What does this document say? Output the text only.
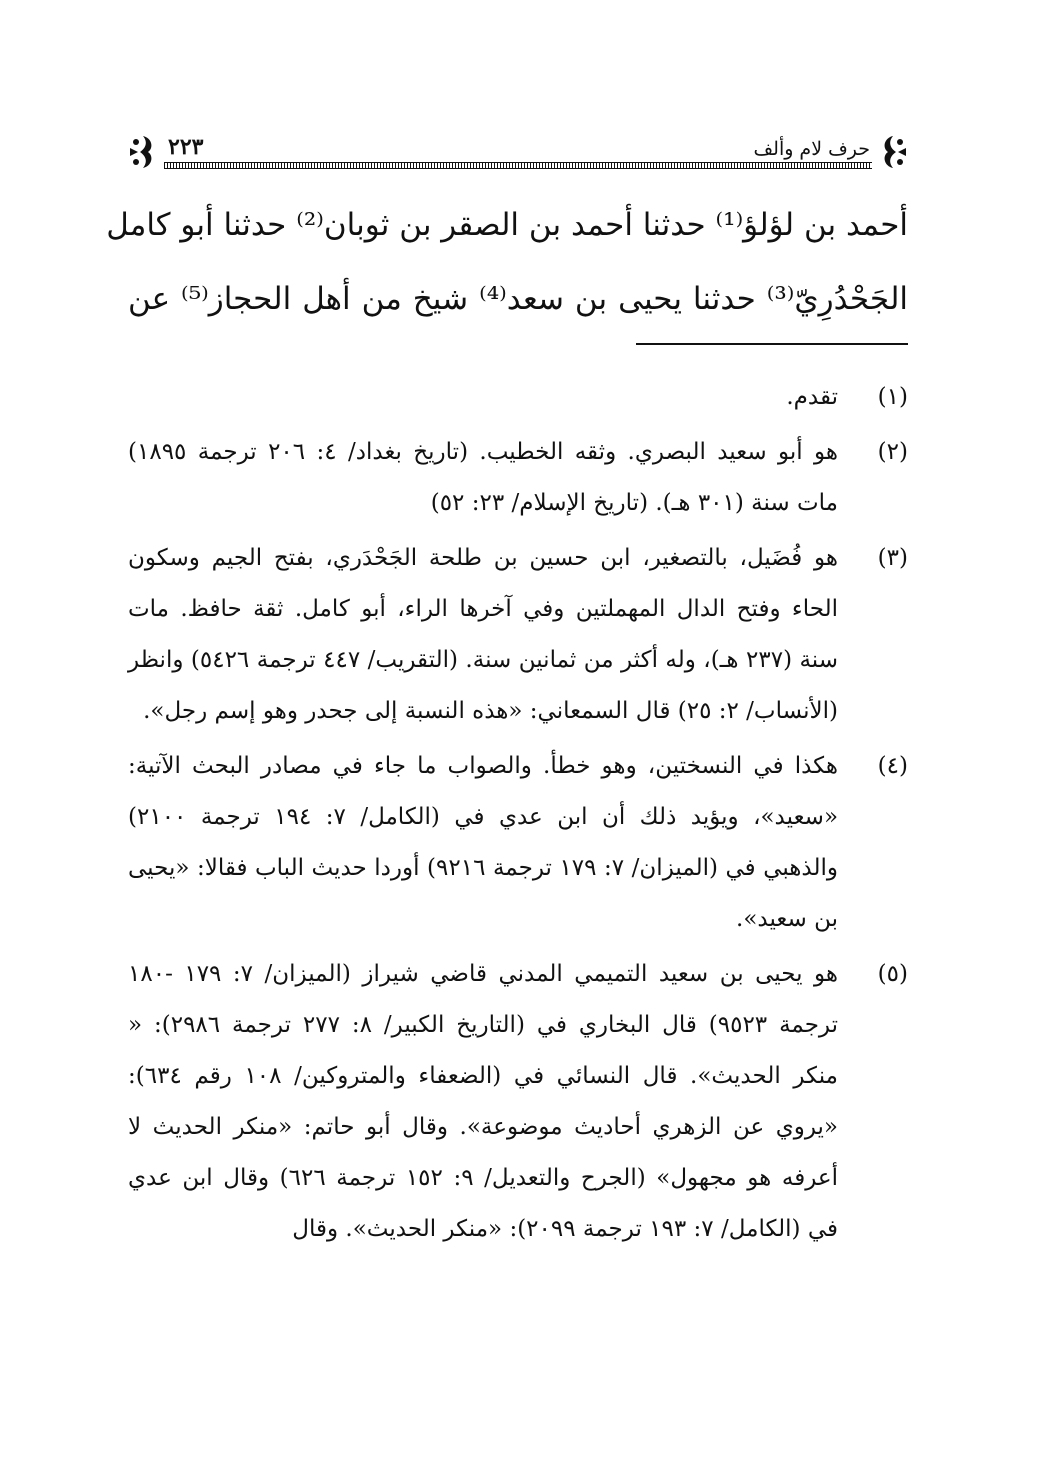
حرف لام وألف
٢٢٣
أحمد بن لؤلؤ⁽¹⁾ حدثنا أحمد بن الصقر بن ثوبان⁽²⁾ حدثنا أبو كامل
الجَحْدُرِيّ⁽³⁾ حدثنا يحيى بن سعد⁽⁴⁾ شيخ من أهل الحجاز⁽⁵⁾ عن
(١)
تقدم.
(٢)
هو أبو سعيد البصري. وثقه الخطيب. (تاريخ بغداد/ ٤: ٢٠٦ ترجمة ١٨٩٥) مات سنة (٣٠١ هـ). (تاريخ الإسلام/ ٢٣: ٥٢)
(٣)
هو فُضَيل، بالتصغير، ابن حسين بن طلحة الجَحْدَري، بفتح الجيم وسكون الحاء وفتح الدال المهملتين وفي آخرها الراء، أبو كامل. ثقة حافظ. مات سنة (٢٣٧ هـ)، وله أكثر من ثمانين سنة. (التقريب/ ٤٤٧ ترجمة ٥٤٢٦) وانظر (الأنساب/ ٢: ٢٥) قال السمعاني: «هذه النسبة إلى جحدر وهو إسم رجل».
(٤)
هكذا في النسختين، وهو خطأ. والصواب ما جاء في مصادر البحث الآتية: «سعيد»، ويؤيد ذلك أن ابن عدي في (الكامل/ ٧: ١٩٤ ترجمة ٢١٠٠) والذهبي في (الميزان/ ٧: ١٧٩ ترجمة ٩٢١٦) أوردا حديث الباب فقالا: «يحيى بن سعيد».
(٥)
هو يحيى بن سعيد التميمي المدني قاضي شيراز (الميزان/ ٧: ١٧٩ -١٨٠ ترجمة ٩٥٢٣) قال البخاري في (التاريخ الكبير/ ٨: ٢٧٧ ترجمة ٢٩٨٦): « منكر الحديث». قال النسائي في (الضعفاء والمتروكين/ ١٠٨ رقم ٦٣٤): «يروي عن الزهري أحاديث موضوعة». وقال أبو حاتم: «منكر الحديث لا أعرفه هو مجهول» (الجرح والتعديل/ ٩: ١٥٢ ترجمة ٦٢٦) وقال ابن عدي في (الكامل/ ٧: ١٩٣ ترجمة ٢٠٩٩): «منكر الحديث». وقال
